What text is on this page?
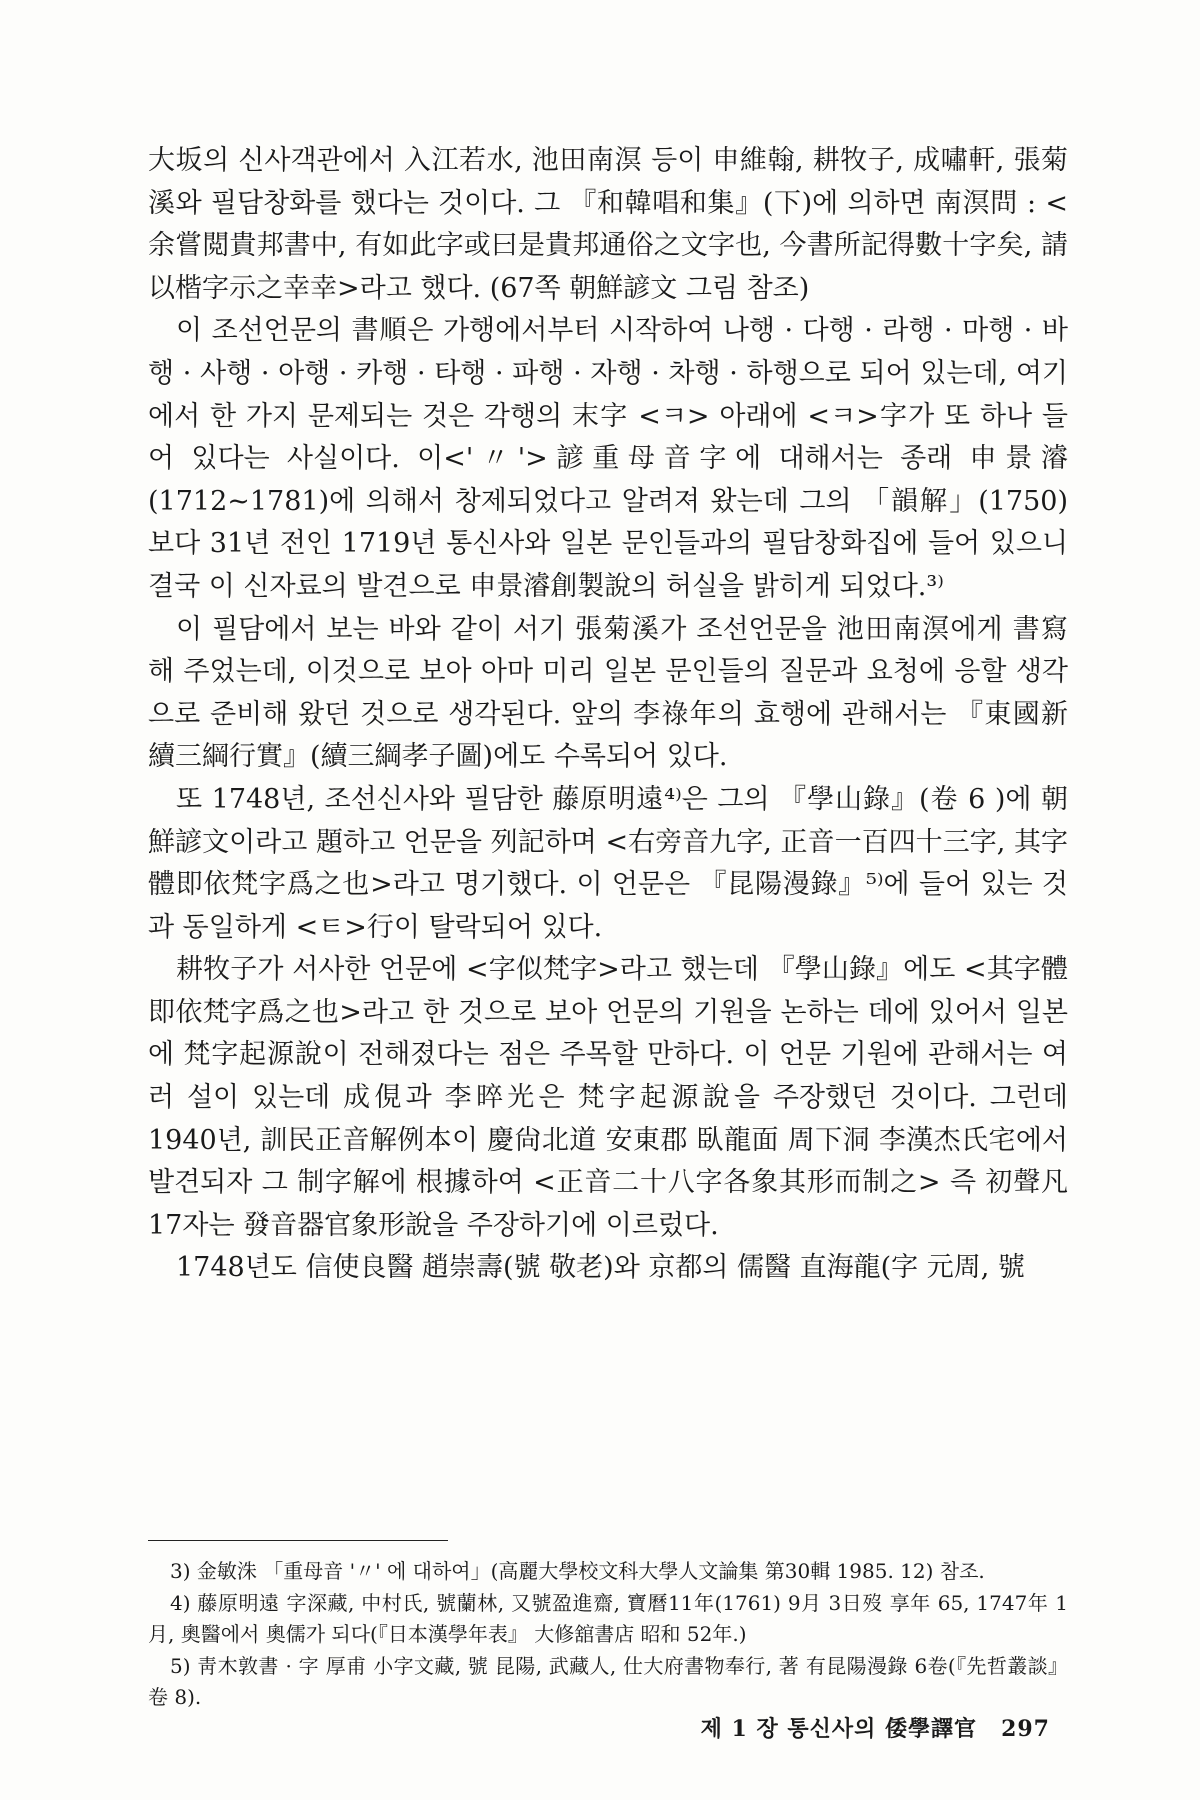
大坂의 신사객관에서 入江若水, 池田南溟 등이 申維翰, 耕牧子, 成嘯軒, 張菊溪와 필담창화를 했다는 것이다. 그 『和韓唱和集』(下)에 의하면 南溟問 : <余嘗閲貴邦書中, 有如此字或曰是貴邦通俗之文字也, 今書所記得數十字矣, 請以楷字示之幸幸>라고 했다. (67쪽 朝鮮諺文 그림 참조)

이 조선언문의 書順은 가행에서부터 시작하여 나행 · 다행 · 라행 · 마행 · 바행 · 사행 · 아행 · 카행 · 타행 · 파행 · 자행 · 차행 · 하행으로 되어 있는데, 여기에서 한 가지 문제되는 것은 각행의 末字 <ㅋ> 아래에 <ㅋ>字가 또 하나 들어 있다는 사실이다. 이<'〃'>諺重母音字에 대해서는 종래 申景濬(1712~1781)에 의해서 창제되었다고 알려져 왔는데 그의 「韻解」(1750)보다 31년 전인 1719년 통신사와 일본 문인들과의 필담창화집에 들어 있으니 결국 이 신자료의 발견으로 申景濬創製說의 허실을 밝히게 되었다.³⁾

이 필담에서 보는 바와 같이 서기 張菊溪가 조선언문을 池田南溟에게 書寫해 주었는데, 이것으로 보아 아마 미리 일본 문인들의 질문과 요청에 응할 생각으로 준비해 왔던 것으로 생각된다. 앞의 李祿年의 효행에 관해서는 『東國新續三綱行實』(續三綱孝子圖)에도 수록되어 있다.

또 1748년, 조선신사와 필담한 藤原明遠⁴⁾은 그의 『學山錄』(卷 6 )에 朝鮮諺文이라고 題하고 언문을 列記하며 <右旁音九字, 正音一百四十三字, 其字體即依梵字爲之也>라고 명기했다. 이 언문은 『昆陽漫錄』⁵⁾에 들어 있는 것과 동일하게 <ㅌ>行이 탈락되어 있다.

耕牧子가 서사한 언문에 <字似梵字>라고 했는데 『學山錄』에도 <其字體即依梵字爲之也>라고 한 것으로 보아 언문의 기원을 논하는 데에 있어서 일본에 梵字起源說이 전해졌다는 점은 주목할 만하다. 이 언문 기원에 관해서는 여러 설이 있는데 成俔과 李晬光은 梵字起源說을 주장했던 것이다. 그런데 1940년, 訓民正音解例本이 慶尙北道 安東郡 臥龍面 周下洞 李漢杰氏宅에서 발견되자 그 制字解에 根據하여 <正音二十八字各象其形而制之> 즉 初聲凡 17자는 發音器官象形說을 주장하기에 이르렀다.

1748년도 信使良醫 趙崇壽(號 敬老)와 京都의 儒醫 直海龍(字 元周, 號

3) 金敏洙 「重母音 '〃' 에 대하여」(高麗大學校文科大學人文論集 第30輯 1985. 12) 참조.

4) 藤原明遠 字深藏, 中村氏, 號蘭林, 又號盈進齋, 寶曆11年(1761) 9月 3日歿 享年 65, 1747年 1月, 奧醫에서 奧儒가 되다(『日本漢學年表』 大修舘書店 昭和 52年.)

5) 靑木敦書 · 字 厚甫 小字文藏, 號 昆陽, 武藏人, 仕大府書物奉行, 著 有昆陽漫錄 6卷(『先哲叢談』 卷 8).

제 1 장 통신사의 倭學譯官 297
